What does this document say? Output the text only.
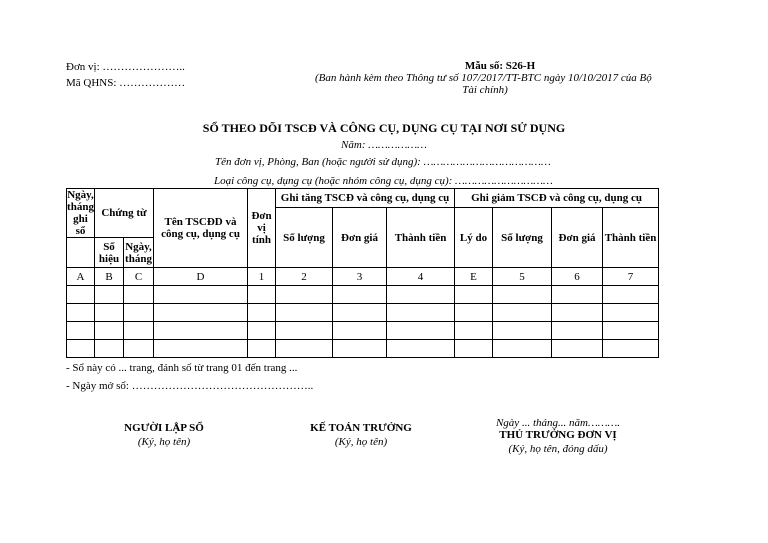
Đơn vị: …………………..
Mã QHNS: ………………
Mẫu số: S26-H
(Ban hành kèm theo Thông tư số 107/2017/TT-BTC ngày 10/10/2017 của Bộ
Tài chính)
SỔ THEO DÕI TSCĐ VÀ CÔNG CỤ, DỤNG CỤ TẠI NƠI SỬ DỤNG
Năm: ………………
Tên đơn vị, Phòng, Ban (hoặc người sử dụng): …………………………………
Loại công cụ, dụng cụ (hoặc nhóm công cụ, dụng cụ): …………………………
Ngày, tháng ghi sổ	Chứng từ		Tên TSCĐD và công cụ, dụng cụ	Đơn vị tính	Ghi tăng TSCĐ và công cụ, dụng cụ			Ghi giảm TSCĐ và công cụ, dụng cụ			
					Số lượng	Đơn giá	Thành tiền	Lý do	Số lượng	Đơn giá	Thành tiền
	Số hiệu	Ngày, tháng									
A	B	C	D	1	2	3	4	E	5	6	7

- Sổ này có ... trang, đánh số từ trang 01 đến trang ...
- Ngày mở sổ: …………………………………………..
NGƯỜI LẬP SỔ
(Ký, họ tên)
KẾ TOÁN TRƯỞNG
(Ký, họ tên)
Ngày ... tháng... năm……….
THỦ TRƯỞNG ĐƠN VỊ
(Ký, họ tên, đóng dấu)
